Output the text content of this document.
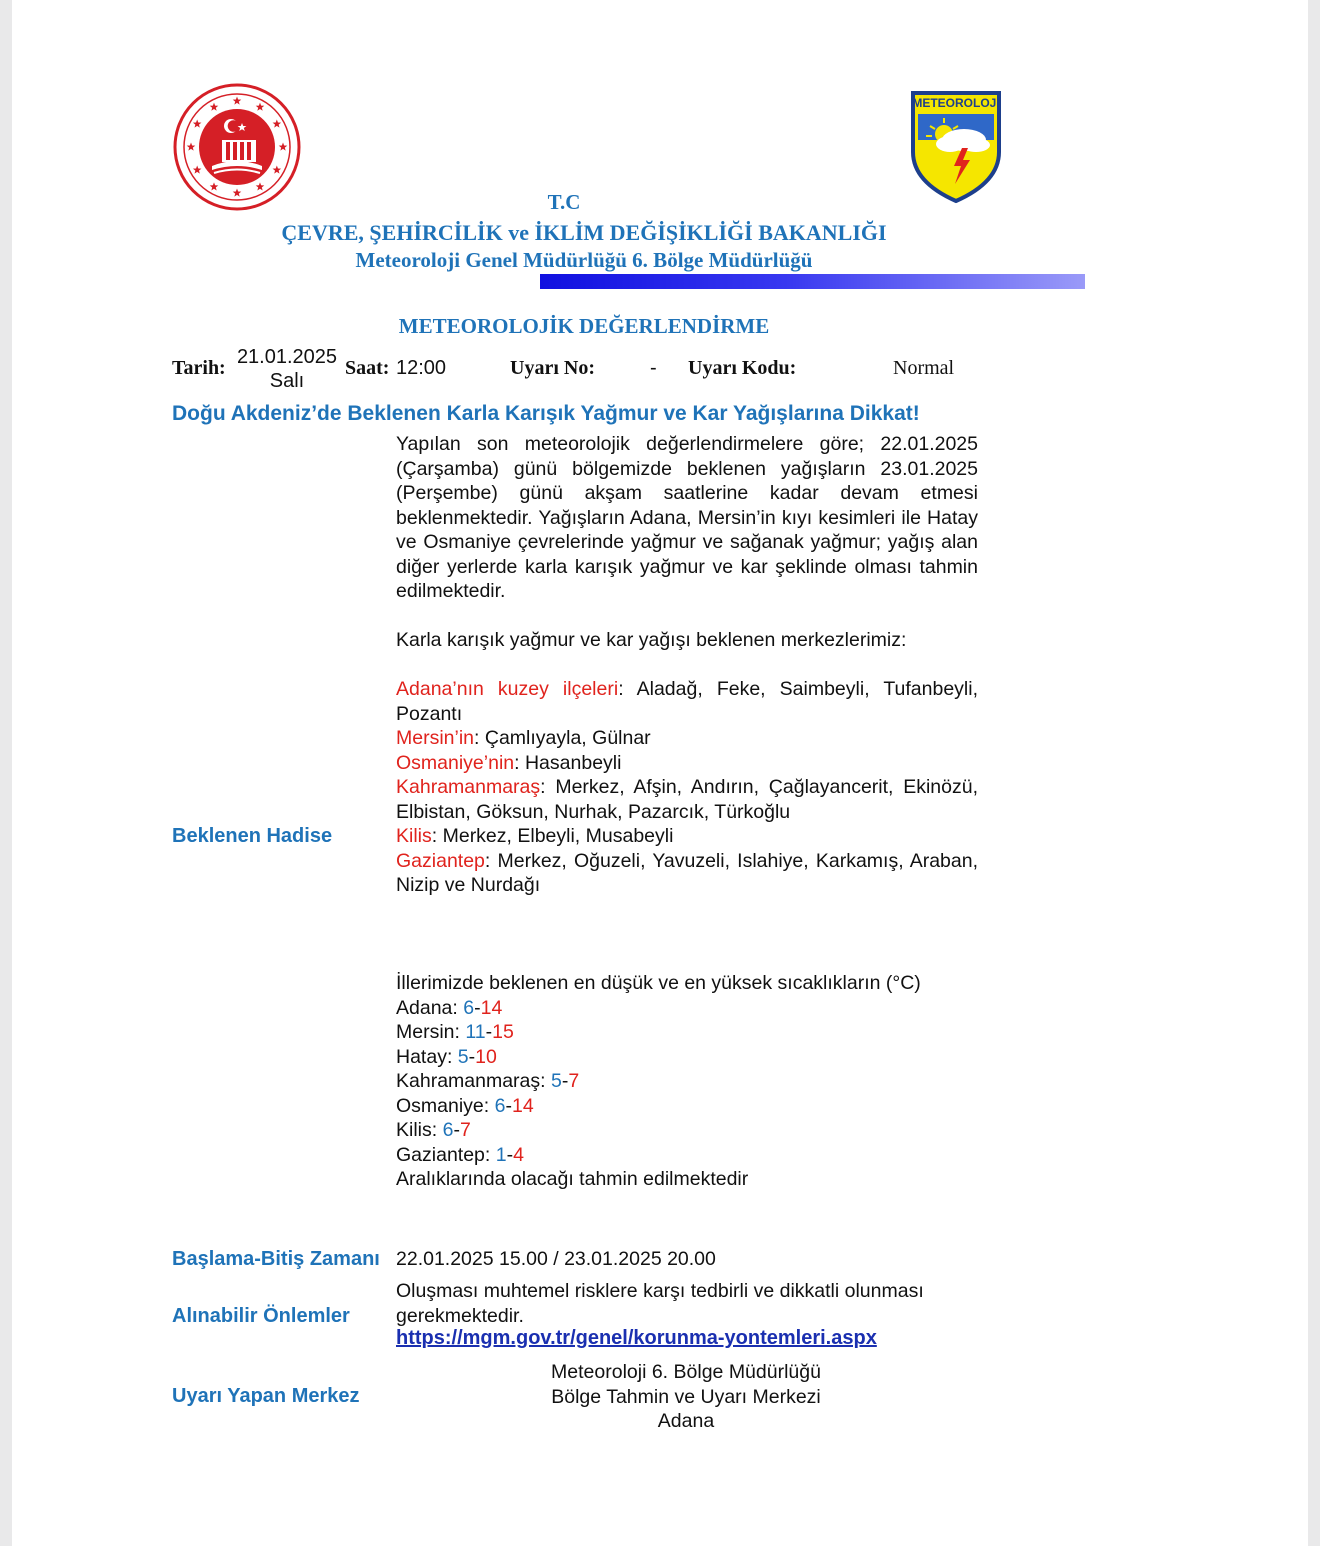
METEOROLOJİ
T.C
ÇEVRE, ŞEHİRCİLİK ve İKLİM DEĞİŞİKLİĞİ BAKANLIĞI
Meteoroloji Genel Müdürlüğü 6. Bölge Müdürlüğü
METEOROLOJİK DEĞERLENDİRME
Tarih: 21.01.2025
Salı
Saat: 12:00	Uyarı No:	- Uyarı Kodu:	Normal
Doğu Akdeniz’de Beklenen Karla Karışık Yağmur ve Kar Yağışlarına Dikkat!
Beklenen Hadise
Yapılan son meteorolojik değerlendirmelere göre; 22.01.2025 (Çarşamba) günü bölgemizde beklenen yağışların 23.01.2025 (Perşembe) günü akşam saatlerine kadar devam etmesi beklenmektedir. Yağışların Adana, Mersin’in kıyı kesimleri ile Hatay ve Osmaniye çevrelerinde yağmur ve sağanak yağmur; yağış alan diğer yerlerde karla karışık yağmur ve kar şeklinde olması tahmin edilmektedir.
Karla karışık yağmur ve kar yağışı beklenen merkezlerimiz:
Adana’nın kuzey ilçeleri: Aladağ, Feke, Saimbeyli, Tufanbeyli, Pozantı
Mersin’in: Çamlıyayla, Gülnar
Osmaniye’nin: Hasanbeyli
Kahramanmaraş: Merkez, Afşin, Andırın, Çağlayancerit, Ekinözü, Elbistan, Göksun, Nurhak, Pazarcık, Türkoğlu
Kilis: Merkez, Elbeyli, Musabeyli
Gaziantep: Merkez, Oğuzeli, Yavuzeli, Islahiye, Karkamış, Araban, Nizip ve Nurdağı
İllerimizde beklenen en düşük ve en yüksek sıcaklıkların (°C)
Adana: 6-14
Mersin: 11-15
Hatay: 5-10
Kahramanmaraş: 5-7
Osmaniye: 6-14
Kilis: 6-7
Gaziantep: 1-4
Aralıklarında olacağı tahmin edilmektedir
Başlama-Bitiş Zamanı 22.01.2025 15.00 / 23.01.2025 20.00
Alınabilir Önlemler
Oluşması muhtemel risklere karşı tedbirli ve dikkatli olunması gerekmektedir.
https://mgm.gov.tr/genel/korunma-yontemleri.aspx
Uyarı Yapan Merkez
Meteoroloji 6. Bölge Müdürlüğü
Bölge Tahmin ve Uyarı Merkezi
Adana
